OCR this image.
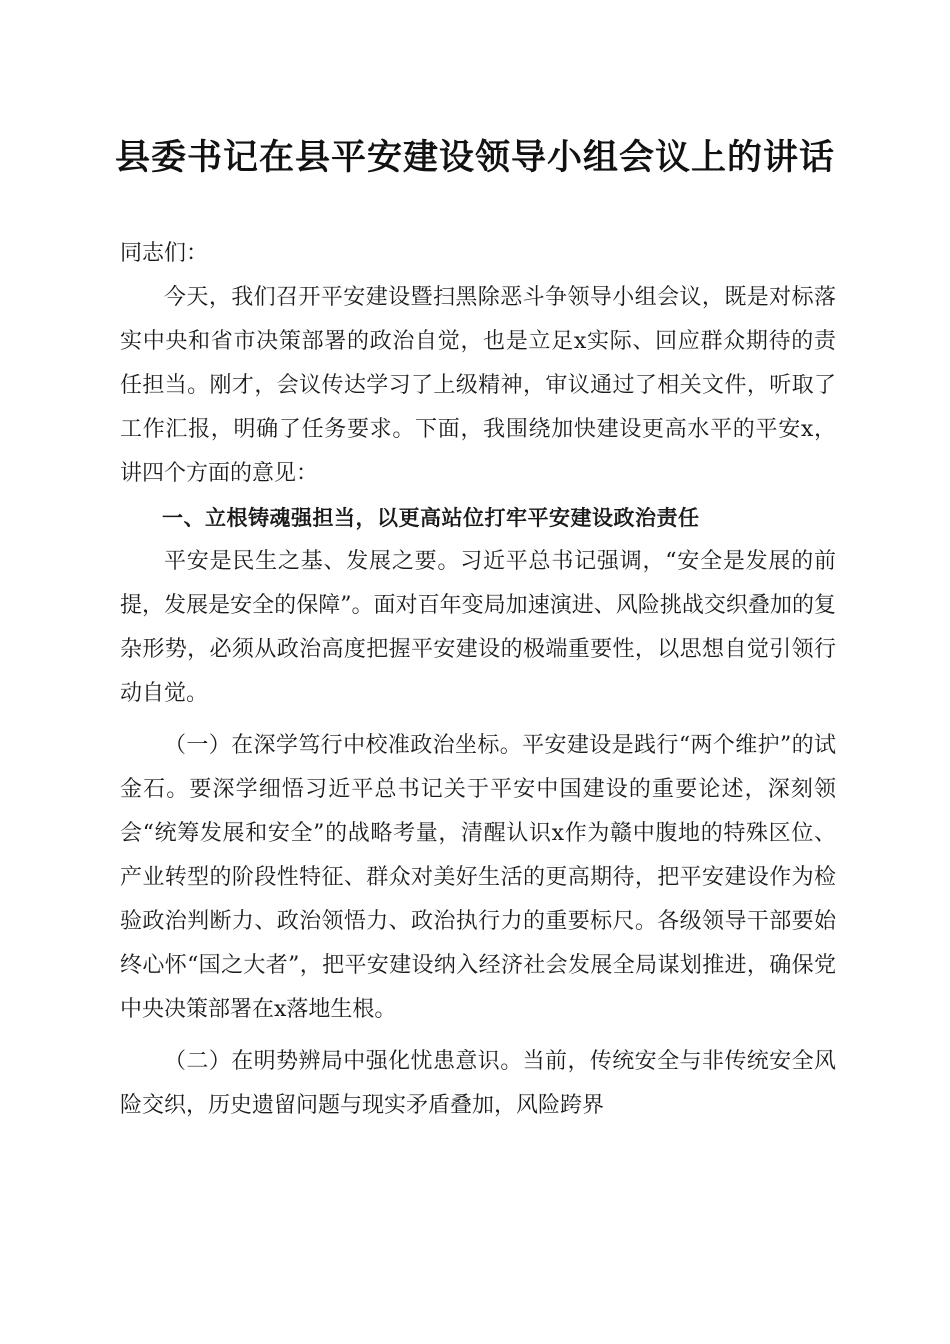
县委书记在县平安建设领导小组会议上的讲话

同志们：

今天，我们召开平安建设暨扫黑除恶斗争领导小组会议，既是对标落实中央和省市决策部署的政治自觉，也是立足x实际、回应群众期待的责任担当。刚才，会议传达学习了上级精神，审议通过了相关文件，听取了工作汇报，明确了任务要求。下面，我围绕加快建设更高水平的平安x，讲四个方面的意见：

一、立根铸魂强担当，以更高站位打牢平安建设政治责任

平安是民生之基、发展之要。习近平总书记强调，“安全是发展的前提，发展是安全的保障”。面对百年变局加速演进、风险挑战交织叠加的复杂形势，必须从政治高度把握平安建设的极端重要性，以思想自觉引领行动自觉。

（一）在深学笃行中校准政治坐标。平安建设是践行“两个维护”的试金石。要深学细悟习近平总书记关于平安中国建设的重要论述，深刻领会“统筹发展和安全”的战略考量，清醒认识x作为赣中腹地的特殊区位、产业转型的阶段性特征、群众对美好生活的更高期待，把平安建设作为检验政治判断力、政治领悟力、政治执行力的重要标尺。各级领导干部要始终心怀“国之大者”，把平安建设纳入经济社会发展全局谋划推进，确保党中央决策部署在x落地生根。

（二）在明势辨局中强化忧患意识。当前，传统安全与非传统安全风险交织，历史遗留问题与现实矛盾叠加，风险跨界
